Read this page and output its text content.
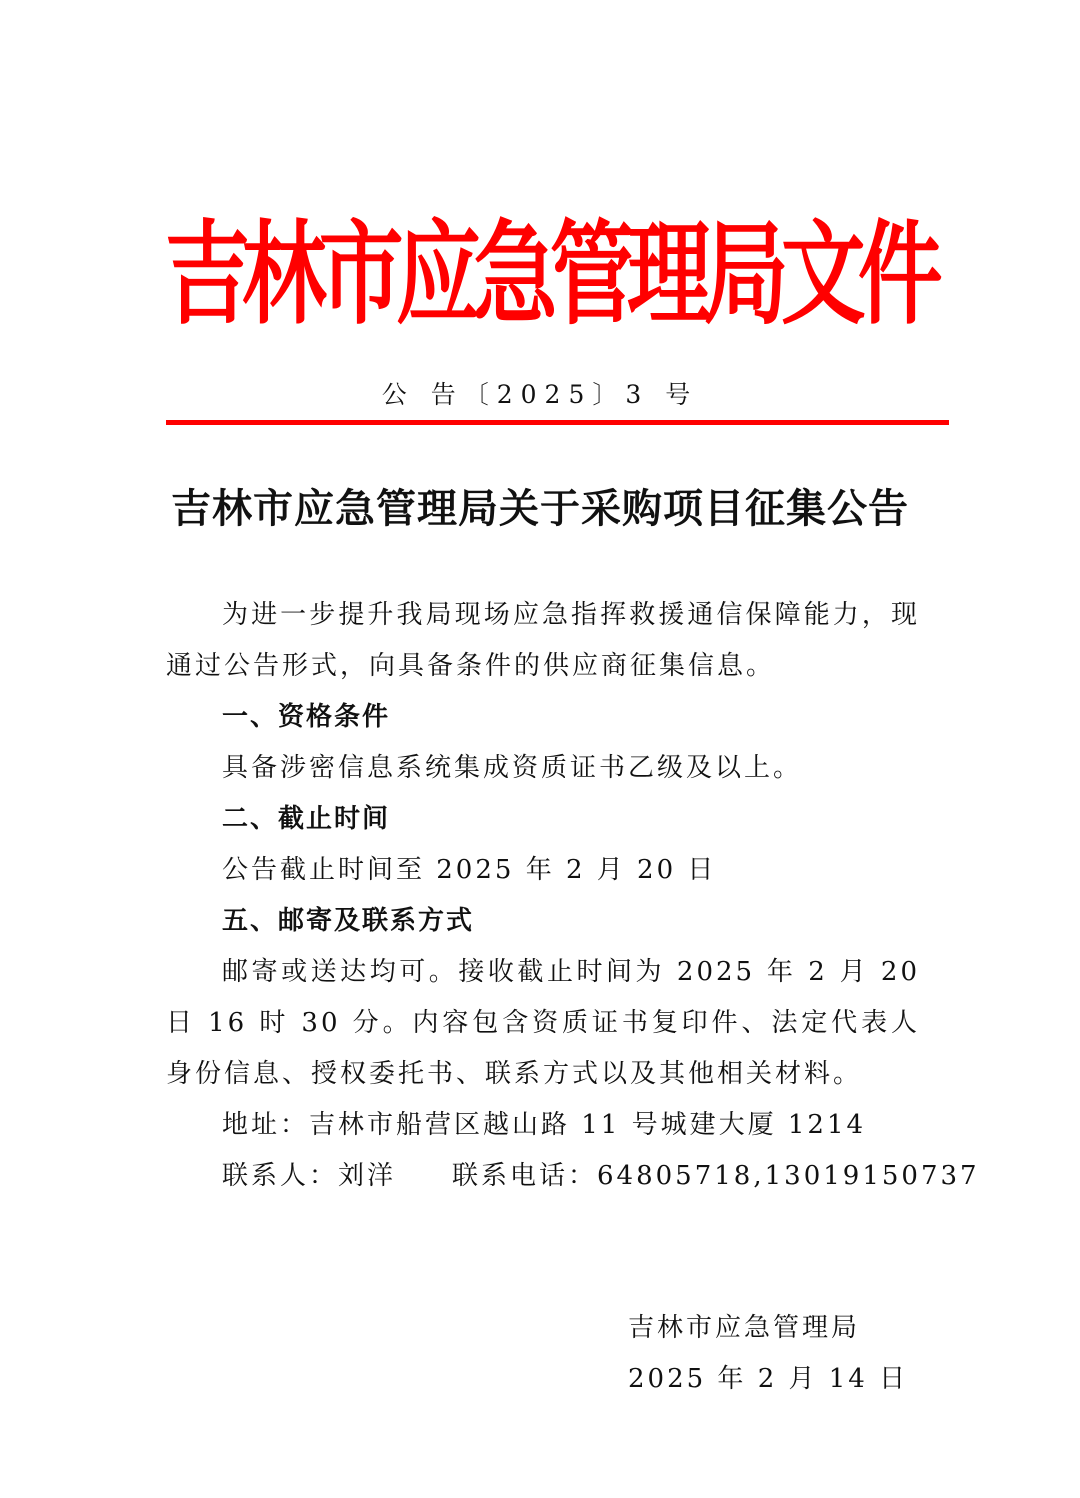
吉林市应急管理局文件
公 告〔2025〕3 号
吉林市应急管理局关于采购项目征集公告

为进一步提升我局现场应急指挥救援通信保障能力，现通过公告形式，向具备条件的供应商征集信息。

一、资格条件

具备涉密信息系统集成资质证书乙级及以上。

二、截止时间

公告截止时间至 2025 年 2 月 20 日

五、邮寄及联系方式

邮寄或送达均可。接收截止时间为 2025 年 2 月 20 日 16 时 30 分。内容包含资质证书复印件、法定代表人身份信息、授权委托书、联系方式以及其他相关材料。

地址：吉林市船营区越山路 11 号城建大厦 1214

联系人：刘洋 联系电话：64805718,13019150737

吉林市应急管理局
2025 年 2 月 14 日
